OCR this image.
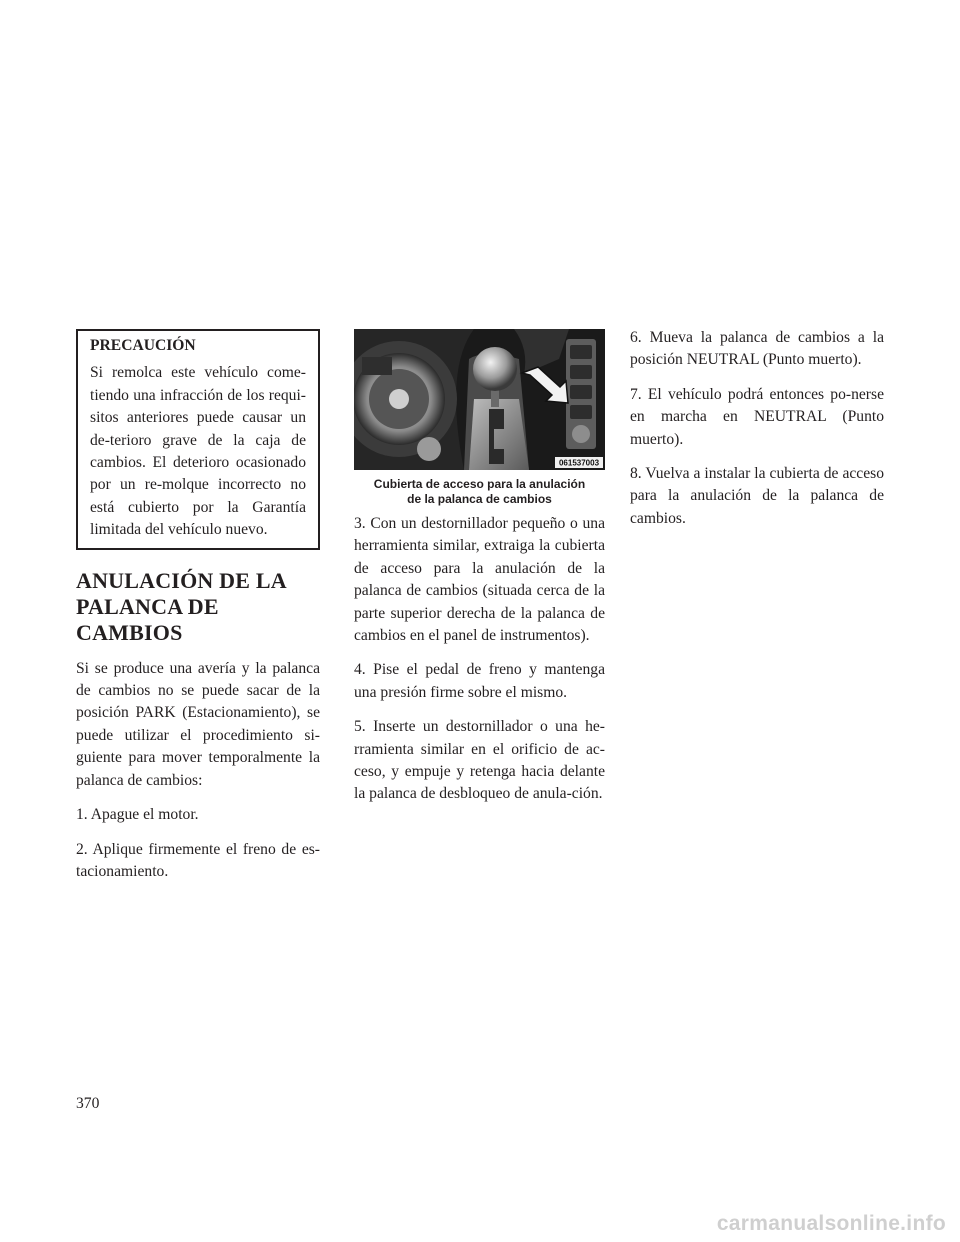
PRECAUCIÓN

Si remolca este vehículo come-tiendo una infracción de los requi-sitos anteriores puede causar un de-terioro grave de la caja de cambios. El deterioro ocasionado por un re-molque incorrecto no está cubierto por la Garantía limitada del vehículo nuevo.

ANULACIÓN DE LA
PALANCA DE CAMBIOS

Si se produce una avería y la palanca de cambios no se puede sacar de la posición PARK (Estacionamiento), se puede utilizar el procedimiento si-guiente para mover temporalmente la palanca de cambios:

1. Apague el motor.

2. Aplique firmemente el freno de es-tacionamiento.

061537003
Cubierta de acceso para la anulación
de la palanca de cambios

3. Con un destornillador pequeño o una herramienta similar, extraiga la cubierta de acceso para la anulación de la palanca de cambios (situada cerca de la parte superior derecha de la palanca de cambios en el panel de instrumentos).

4. Pise el pedal de freno y mantenga una presión firme sobre el mismo.

5. Inserte un destornillador o una he-rramienta similar en el orificio de ac-ceso, y empuje y retenga hacia delante la palanca de desbloqueo de anula-ción.

6. Mueva la palanca de cambios a la posición NEUTRAL (Punto muerto).

7. El vehículo podrá entonces po-nerse en marcha en NEUTRAL (Punto muerto).

8. Vuelva a instalar la cubierta de acceso para la anulación de la palanca de cambios.

370
carmanualsonline.info
